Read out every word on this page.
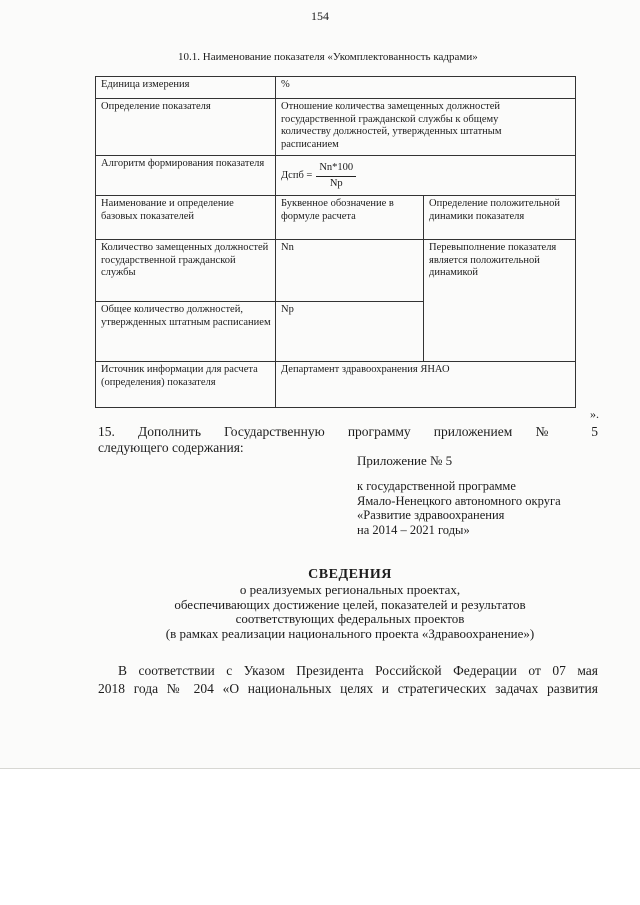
154
10.1. Наименование показателя «Укомплектованность кадрами»
Единица измерения	%	
Определение показателя	Отношение количества замещенных должностей государственной гражданской службы к общему количеству должностей, утвержденных штатным расписанием	

Алгоритм формирования показателя	Дспб = $\frac{Nn*100}{Np}$

Наименование и определение базовых показателей	Буквенное обозначение в формуле расчета	Определение положительной динамики показателя
Количество замещенных должностей государственной гражданской службы	Nn	Перевыполнение показателя является положительной динамикой
Общее количество должностей, утвержденных штатным расписанием	Np	
Источник информации для расчета (определения) показателя	Департамент здравоохранения ЯНАО	
».
15. Дополнить Государственную программу приложением № 5
следующего содержания:
Приложение № 5
к государственной программе
Ямало-Ненецкого автономного округа
«Развитие здравоохранения
на 2014 – 2021 годы»
СВЕДЕНИЯ
о реализуемых региональных проектах,
обеспечивающих достижение целей, показателей и результатов
соответствующих федеральных проектов
(в рамках реализации национального проекта «Здравоохранение»)
В соответствии с Указом Президента Российской Федерации от 07 мая
2018 года № 204 «О национальных целях и стратегических задачах развития
